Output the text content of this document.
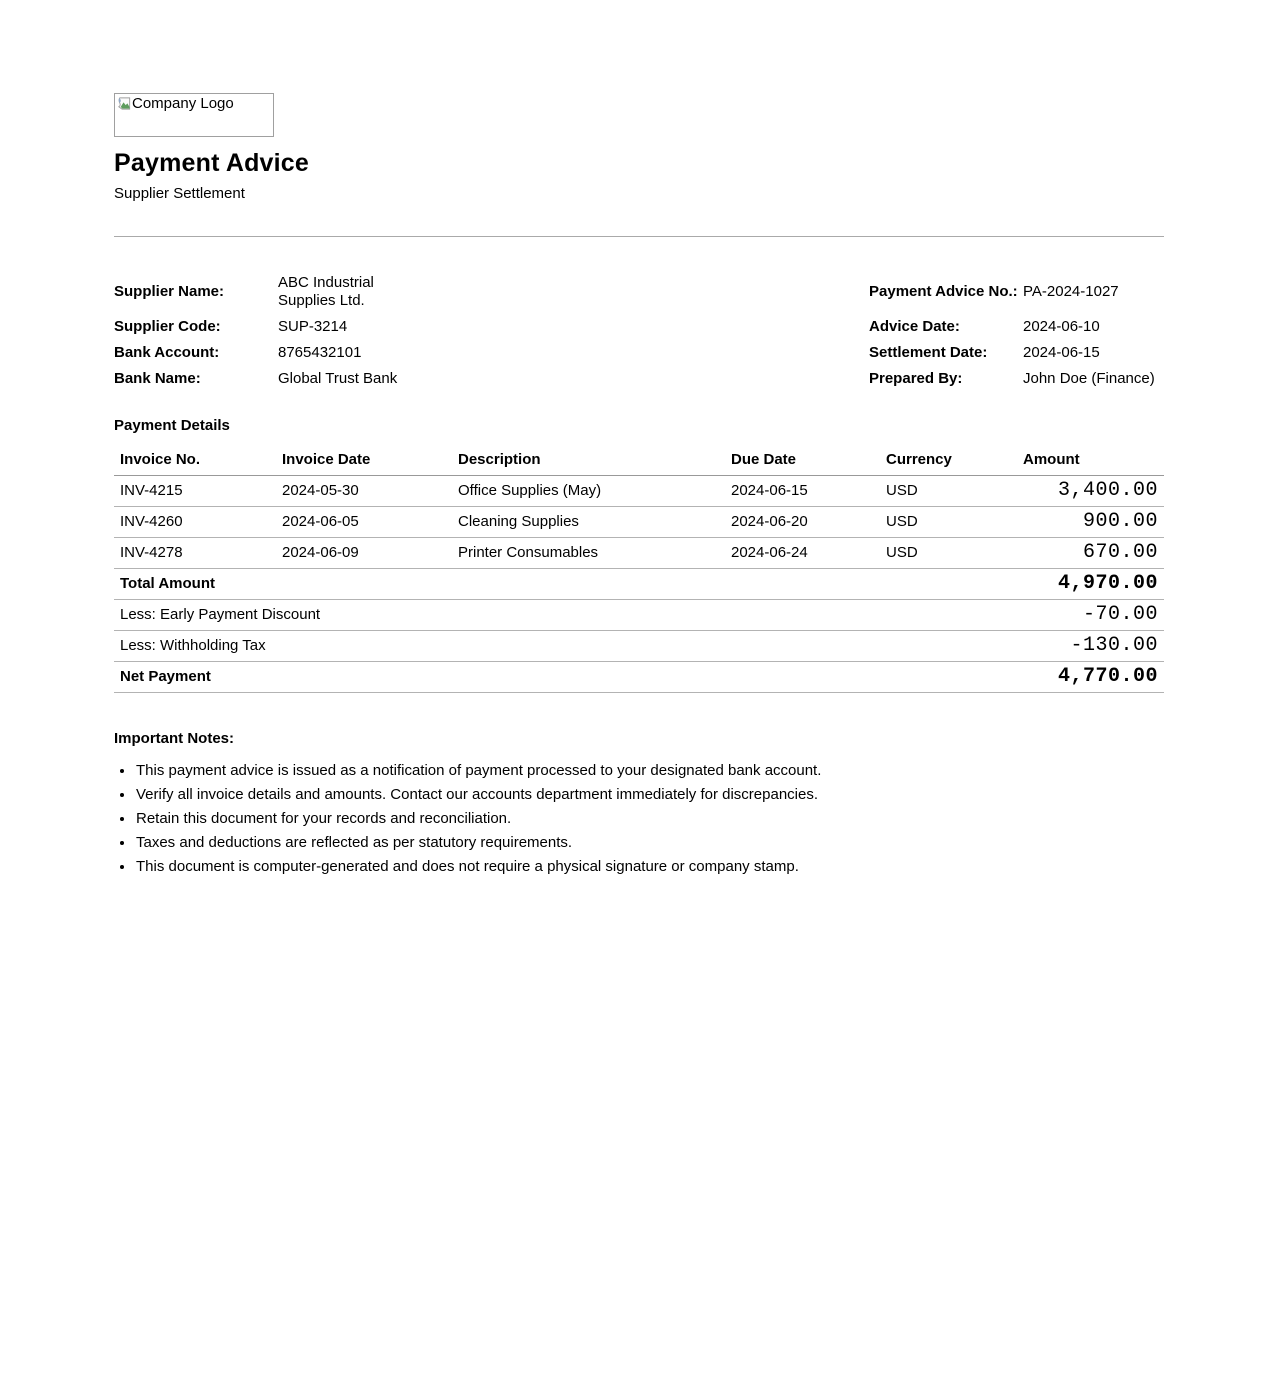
Company Logo
Payment Advice
Supplier Settlement
Supplier Name:	ABC Industrial Supplies Ltd.		Payment Advice No.:	PA-2024-1027
Supplier Code:	SUP-3214		Advice Date:	2024-06-10
Bank Account:	8765432101		Settlement Date:	2024-06-15
Bank Name:	Global Trust Bank		Prepared By:	John Doe (Finance)
Payment Details
Invoice No.	Invoice Date	Description	Due Date	Currency	Amount
INV-4215	2024-05-30	Office Supplies (May)	2024-06-15	USD	3,400.00
INV-4260	2024-06-05	Cleaning Supplies	2024-06-20	USD	900.00
INV-4278	2024-06-09	Printer Consumables	2024-06-24	USD	670.00
Total Amount					4,970.00
Less: Early Payment Discount					-70.00
Less: Withholding Tax					-130.00
Net Payment					4,770.00
Important Notes:
• This payment advice is issued as a notification of payment processed to your designated bank account.
• Verify all invoice details and amounts. Contact our accounts department immediately for discrepancies.
• Retain this document for your records and reconciliation.
• Taxes and deductions are reflected as per statutory requirements.
• This document is computer-generated and does not require a physical signature or company stamp.
